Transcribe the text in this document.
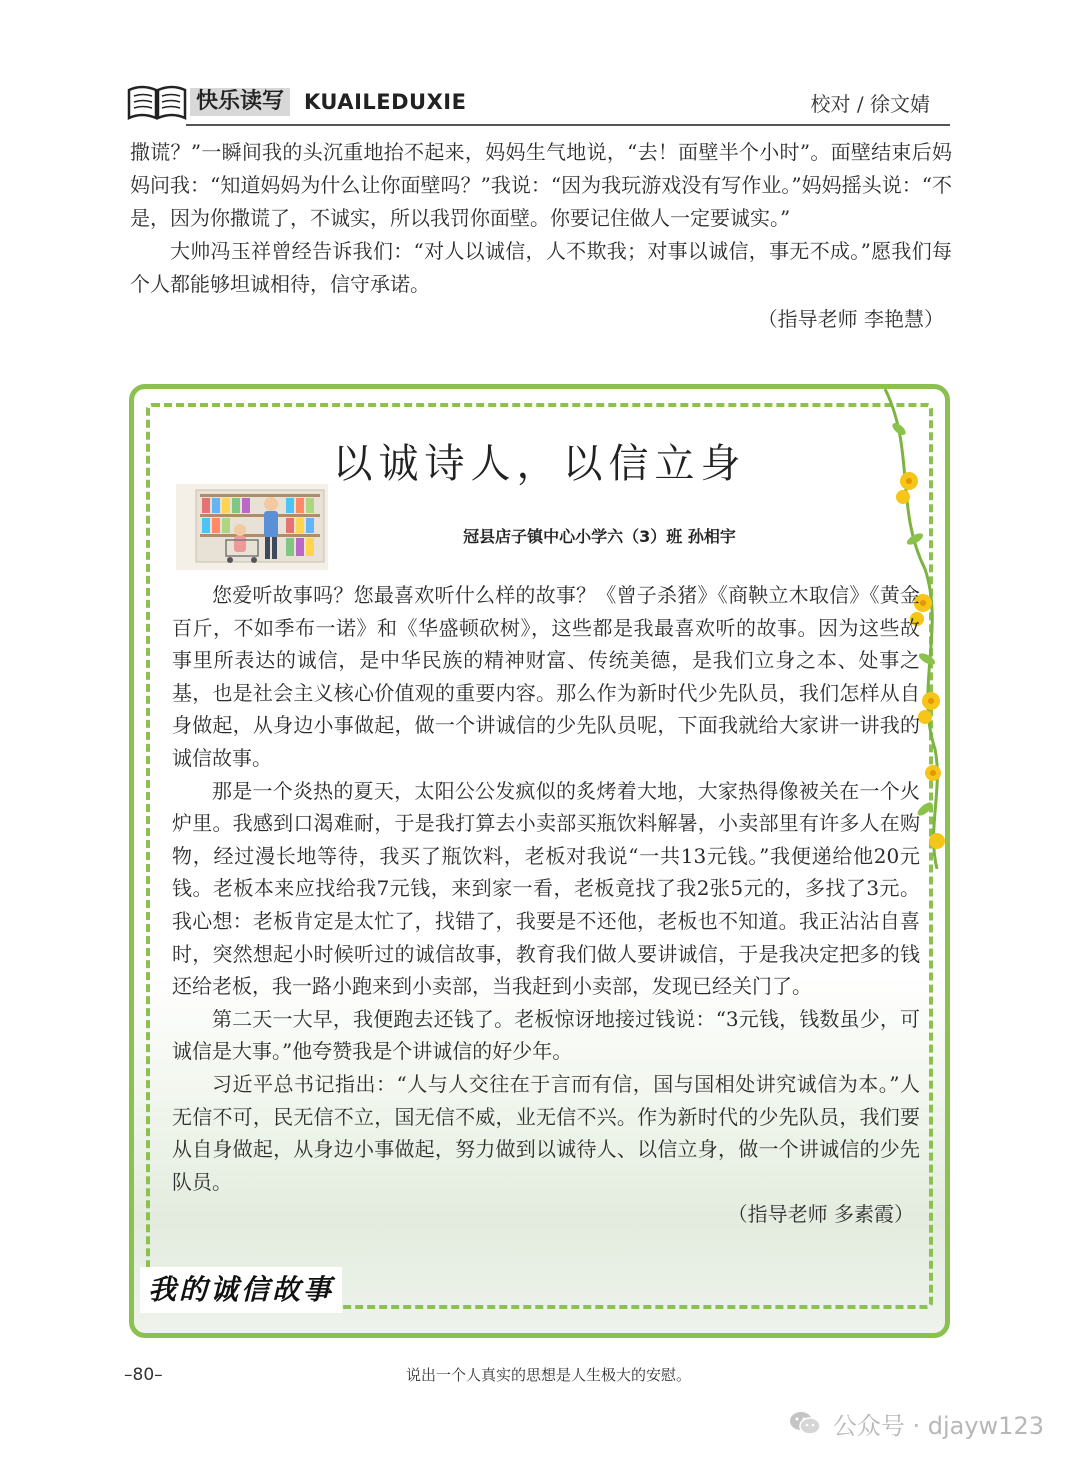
快乐读写 KUAILEDUXIE	校对 / 徐文婧

撒谎？”一瞬间我的头沉重地抬不起来，妈妈生气地说，“去！面壁半个小时”。面壁结束后妈妈问我：“知道妈妈为什么让你面壁吗？”我说：“因为我玩游戏没有写作业。”妈妈摇头说：“不是，因为你撒谎了，不诚实，所以我罚你面壁。你要记住做人一定要诚实。”

大帅冯玉祥曾经告诉我们：“对人以诚信，人不欺我；对事以诚信，事无不成。”愿我们每个人都能够坦诚相待，信守承诺。

（指导老师 李艳慧）

以诚诗人，以信立身
冠县店子镇中心小学六（3）班 孙相宇

您爱听故事吗？您最喜欢听什么样的故事？《曾子杀猪》《商鞅立木取信》《黄金百斤，不如季布一诺》和《华盛顿砍树》，这些都是我最喜欢听的故事。因为这些故事里所表达的诚信，是中华民族的精神财富、传统美德，是我们立身之本、处事之基，也是社会主义核心价值观的重要内容。那么作为新时代少先队员，我们怎样从自身做起，从身边小事做起，做一个讲诚信的少先队员呢，下面我就给大家讲一讲我的诚信故事。

那是一个炎热的夏天，太阳公公发疯似的炙烤着大地，大家热得像被关在一个火炉里。我感到口渴难耐，于是我打算去小卖部买瓶饮料解暑，小卖部里有许多人在购物，经过漫长地等待，我买了瓶饮料，老板对我说“一共13元钱。”我便递给他20元钱。老板本来应找给我7元钱，来到家一看，老板竟找了我2张5元的，多找了3元。我心想：老板肯定是太忙了，找错了，我要是不还他，老板也不知道。我正沾沾自喜时，突然想起小时候听过的诚信故事，教育我们做人要讲诚信，于是我决定把多的钱还给老板，我一路小跑来到小卖部，当我赶到小卖部，发现已经关门了。

第二天一大早，我便跑去还钱了。老板惊讶地接过钱说：“3元钱，钱数虽少，可诚信是大事。”他夸赞我是个讲诚信的好少年。

习近平总书记指出：“人与人交往在于言而有信，国与国相处讲究诚信为本。”人无信不可，民无信不立，国无信不威，业无信不兴。作为新时代的少先队员，我们要从自身做起，从身边小事做起，努力做到以诚待人、以信立身，做一个讲诚信的少先队员。

（指导老师 多素霞）

我的诚信故事
–80–	说出一个人真实的思想是人生极大的安慰。
公众号 · djayw123
